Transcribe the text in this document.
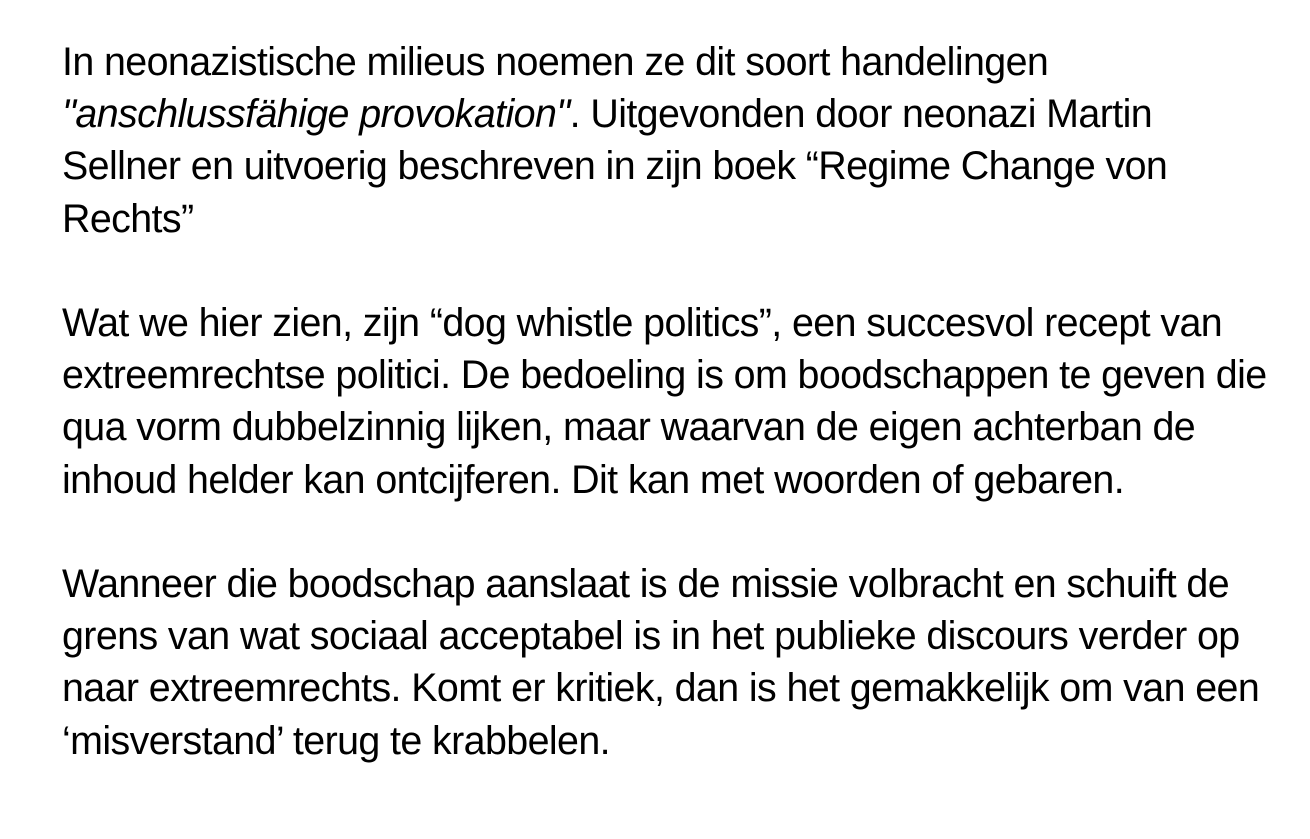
In neonazistische milieus noemen ze dit soort handelingen "anschlussfähige provokation". Uitgevonden door neonazi Martin Sellner en uitvoerig beschreven in zijn boek “Regime Change von Rechts”

Wat we hier zien, zijn “dog whistle politics”, een succesvol recept van extreemrechtse politici. De bedoeling is om boodschappen te geven die qua vorm dubbelzinnig lijken, maar waarvan de eigen achterban de inhoud helder kan ontcijferen. Dit kan met woorden of gebaren.

Wanneer die boodschap aanslaat is de missie volbracht en schuift de grens van wat sociaal acceptabel is in het publieke discours verder op naar extreemrechts. Komt er kritiek, dan is het gemakkelijk om van een ‘misverstand’ terug te krabbelen.
